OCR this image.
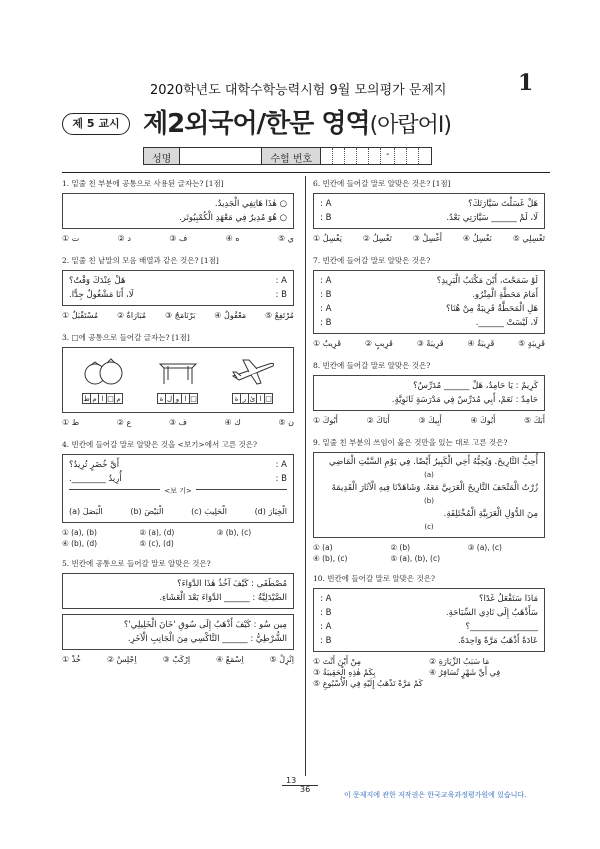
2020학년도 대학수학능력시험 9월 모의평가 문제지	1
제 5 교시 제2외국어/한문 영역(아랍어Ⅰ)
성명	수험 번호	-
1. 밑줄 친 부분에 공통으로 사용된 글자는? [1점]
○ هٰذَا هَاتِفِي الْجَدِيدُ.
○ هُوَ مُدِيرٌ فِي مَعْهَدِ الْكُمْبِيُوتَر.
① ت	② د	③ ف	④ ه	⑤ ي
2. 밑줄 친 낱말의 모음 배열과 같은 것은? [1점]
A :
هَلْ عِنْدَكَ وَقْتٌ؟
B :
لَا، أَنَا مَشْغُولٌ جِدًّا.
① مُسْتَقْبَلٌ ② مُبَارَاةٌ ③ بَرْنَامَجٌ ④ مَعْقُولٌ ⑤ مُرْتَفِعٌ
3. □에 공통으로 들어갈 글자는? [1점]
ط م ا □ م	ة ل و ا □	ة ر ئ ا □
① ط	② ع	③ ف	④ ك	⑤ ن
4. 빈칸에 들어갈 말로 알맞은 것을 <보기>에서 고른 것은?
A :
أَيَّ خُضَرٍ تُرِيدُ؟
B :
أُرِيدُ ________.
<보 기>
(a) الْبَصَلَ	(b) الْبَيْضَ	(c) الْحَلِيبَ	(d) الْخِيَارَ
① (a), (b)	② (a), (d)	③ (b), (c)
④ (b), (d)	⑤ (c), (d)
5. 빈칸에 공통으로 들어갈 말로 알맞은 것은?
مُصْطَفَى : كَيْفَ آخُذُ هٰذَا الدَّوَاءَ؟
الصَّيْدَلِيَّةُ : ______ الدَّوَاءَ بَعْدَ الْعَشَاءِ.
مِين سُو : كَيْفَ أَذْهَبُ إِلَى سُوقِ 'خَانَ الْخَلِيلِي'؟
الشُّرْطِيُّ : ______ التَّاكْسِي مِنَ الْجَانِبِ الْآخَرِ.
① خُذْ	② اِجْلِسْ	③ اِرْكَبْ	④ اِسْمَعْ	⑤ اِنْزِلْ
6. 빈칸에 들어갈 말로 알맞은 것은? [1점]
هَلْ غَسَلْتَ سَيَّارَتَكَ؟
A :
لَا، لَمْ ______ سَيَّارَتِي بَعْدُ.
B :
① يَغْسِلُ	② تَغْسِلُ	③ أَغْسِلْ	④ نَغْسِلُ	⑤ تَغْسِلِي
7. 빈칸에 들어갈 말로 알맞은 것은?
لَوْ سَمَحْتَ، أَيْنَ مَكْتَبُ الْبَرِيدِ؟
A :
أَمَامَ مَحَطَّةِ الْمِتْرُو.
B :
هَلِ الْمَحَطَّةُ قَرِيبَةٌ مِنْ هُنَا؟
A :
لَا، لَيْسَتْ ______.
B :
① قَرِيبٌ	② قَرِيبٍ	③ قَرِيبَةً	④ قَرِيبَةٌ	⑤ قَرِيبَةٍ
8. 빈칸에 들어갈 말로 알맞은 것은?
كَرِيمٌ : يَا حَامِدُ، هَلْ ______ مُدَرِّسٌ؟
حَامِدٌ : نَعَمْ، أَبِي مُدَرِّسٌ فِي مَدْرَسَةٍ ثَانَوِيَّةٍ.
① أَبُوكَ	② أَبَاكَ	③ أَبِيكَ	④ أَبُوكَ	⑤ أَبَكَ
9. 밑줄 친 부분의 쓰임이 옳은 것만을 있는 대로 고른 것은?
أُحِبُّ التَّارِيخَ. وَيُحِبُّهُ أَخِي الْكَبِيرُ أَيْضًا. فِي يَوْمِ السَّبْتِ الْمَاضِي
(a)
زُرْتُ الْمَتْحَفَ التَّارِيخَ الْعَرَبِيَّ مَعَهُ. وَشَاهَدْنَا فِيهِ الْآثَارَ الْقَدِيمَةَ
(b)
مِنَ الدُّوَلِ الْعَرَبِيَّةِ الْمُخْتَلِفَةِ.
(c)
① (a)	② (b)	③ (a), (c)
④ (b), (c)	⑤ (a), (b), (c)
10. 빈칸에 들어갈 말로 알맞은 것은?
مَاذَا سَتَفْعَلُ غَدًا؟
A :
سَأَذْهَبُ إِلَى نَادِي السِّبَاحَةِ.
B :
________________؟
A :
عَادَةً أَذْهَبُ مَرَّةً وَاحِدَةً.
B :
① مِنْ أَيْنَ أَنْتَ	② مَا سَبَبُ الزِّيَارَةِ
③ بِكَمْ هٰذِهِ الْحَقِيبَةُ	④ فِي أَيِّ شَهْرٍ تُسَافِرُ
⑤ كَمْ مَرَّةً تَذْهَبُ إِلَيْهِ فِي الْأُسْبُوعِ
13
36
이 문제지에 관한 저작권은 한국교육과정평가원에 있습니다.
